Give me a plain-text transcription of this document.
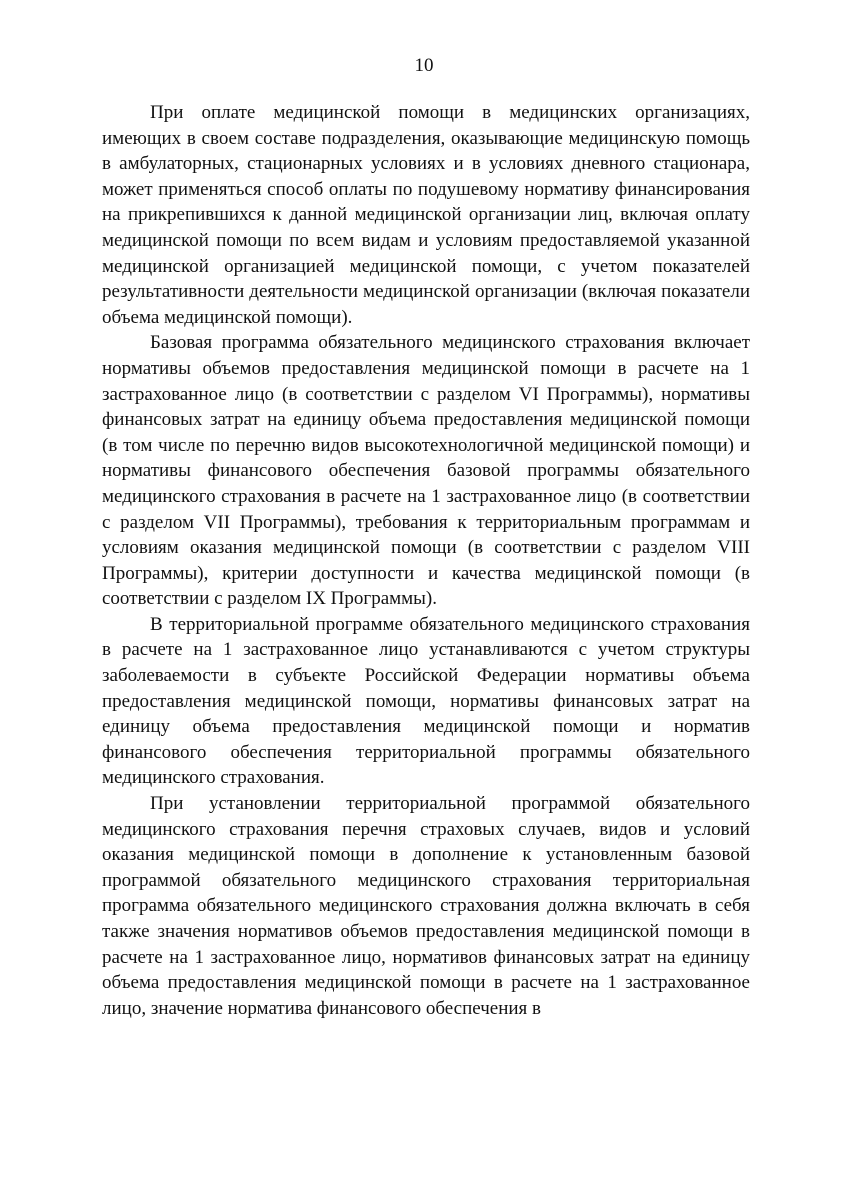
10

При оплате медицинской помощи в медицинских организациях, имеющих в своем составе подразделения, оказывающие медицинскую помощь в амбулаторных, стационарных условиях и в условиях дневного стационара, может применяться способ оплаты по подушевому нормативу финансирования на прикрепившихся к данной медицинской организации лиц, включая оплату медицинской помощи по всем видам и условиям предоставляемой указанной медицинской организацией медицинской помощи, с учетом показателей результативности деятельности медицинской организации (включая показатели объема медицинской помощи).

Базовая программа обязательного медицинского страхования включает нормативы объемов предоставления медицинской помощи в расчете на 1 застрахованное лицо (в соответствии с разделом VI Программы), нормативы финансовых затрат на единицу объема предоставления медицинской помощи (в том числе по перечню видов высокотехнологичной медицинской помощи) и нормативы финансового обеспечения базовой программы обязательного медицинского страхования в расчете на 1 застрахованное лицо (в соответствии с разделом VII Программы), требования к территориальным программам и условиям оказания медицинской помощи (в соответствии с разделом VIII Программы), критерии доступности и качества медицинской помощи (в соответствии с разделом IX Программы).

В территориальной программе обязательного медицинского страхования в расчете на 1 застрахованное лицо устанавливаются с учетом структуры заболеваемости в субъекте Российской Федерации нормативы объема предоставления медицинской помощи, нормативы финансовых затрат на единицу объема предоставления медицинской помощи и норматив финансового обеспечения территориальной программы обязательного медицинского страхования.

При установлении территориальной программой обязательного медицинского страхования перечня страховых случаев, видов и условий оказания медицинской помощи в дополнение к установленным базовой программой обязательного медицинского страхования территориальная программа обязательного медицинского страхования должна включать в себя также значения нормативов объемов предоставления медицинской помощи в расчете на 1 застрахованное лицо, нормативов финансовых затрат на единицу объема предоставления медицинской помощи в расчете на 1 застрахованное лицо, значение норматива финансового обеспечения в
